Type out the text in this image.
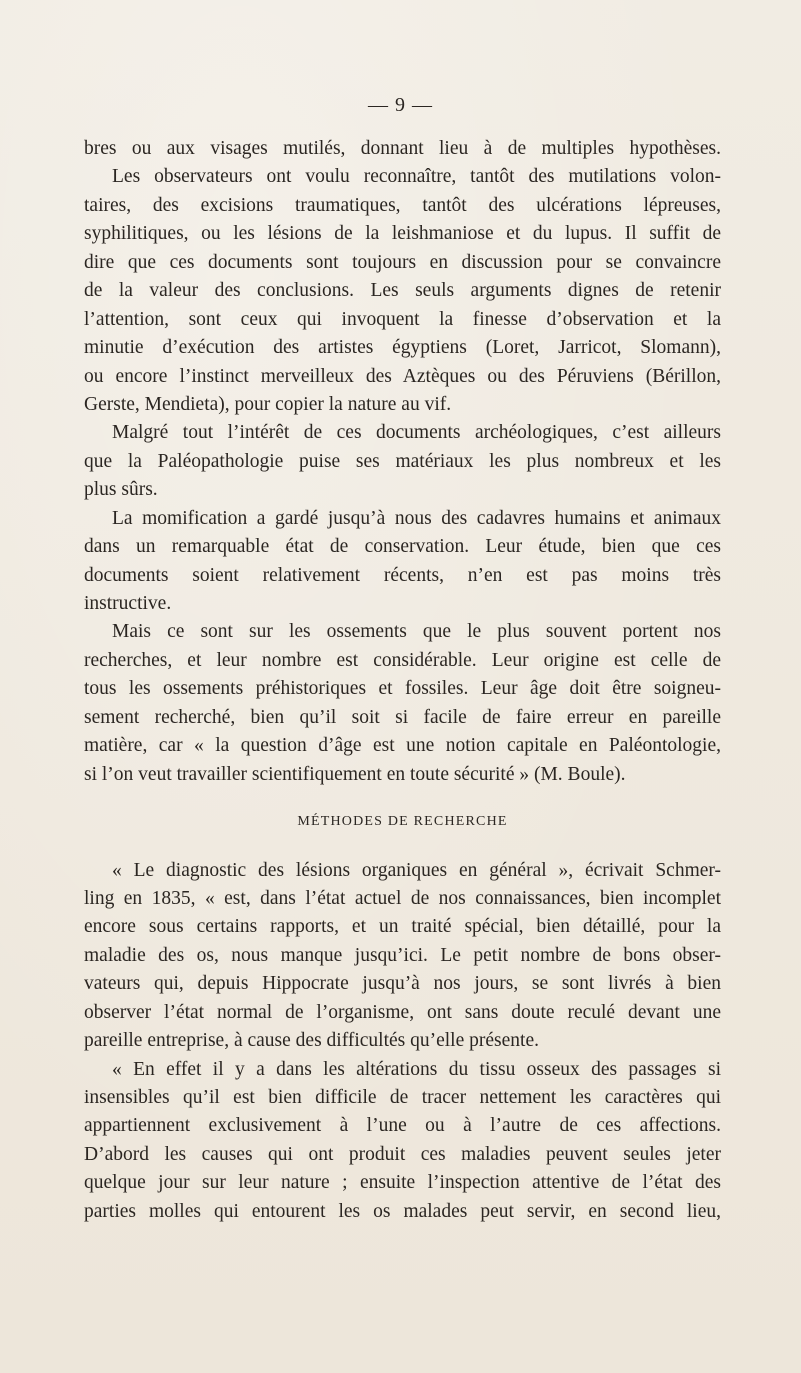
— 9 —
bres ou aux visages mutilés, donnant lieu à de multiples hypothèses.
Les observateurs ont voulu reconnaître, tantôt des mutilations volon-
taires, des excisions traumatiques, tantôt des ulcérations lépreuses,
syphilitiques, ou les lésions de la leishmaniose et du lupus. Il suffit de
dire que ces documents sont toujours en discussion pour se convaincre
de la valeur des conclusions. Les seuls arguments dignes de retenir
l’attention, sont ceux qui invoquent la finesse d’observation et la
minutie d’exécution des artistes égyptiens (Loret, Jarricot, Slomann),
ou encore l’instinct merveilleux des Aztèques ou des Péruviens (Bérillon,
Gerste, Mendieta), pour copier la nature au vif.
Malgré tout l’intérêt de ces documents archéologiques, c’est ailleurs
que la Paléopathologie puise ses matériaux les plus nombreux et les
plus sûrs.
La momification a gardé jusqu’à nous des cadavres humains et animaux
dans un remarquable état de conservation. Leur étude, bien que ces
documents soient relativement récents, n’en est pas moins très
instructive.
Mais ce sont sur les ossements que le plus souvent portent nos
recherches, et leur nombre est considérable. Leur origine est celle de
tous les ossements préhistoriques et fossiles. Leur âge doit être soigneu-
sement recherché, bien qu’il soit si facile de faire erreur en pareille
matière, car « la question d’âge est une notion capitale en Paléontologie,
si l’on veut travailler scientifiquement en toute sécurité » (M. Boule).
MÉTHODES DE RECHERCHE
« Le diagnostic des lésions organiques en général », écrivait Schmer-
ling en 1835, « est, dans l’état actuel de nos connaissances, bien incomplet
encore sous certains rapports, et un traité spécial, bien détaillé, pour la
maladie des os, nous manque jusqu’ici. Le petit nombre de bons obser-
vateurs qui, depuis Hippocrate jusqu’à nos jours, se sont livrés à bien
observer l’état normal de l’organisme, ont sans doute reculé devant une
pareille entreprise, à cause des difficultés qu’elle présente.
« En effet il y a dans les altérations du tissu osseux des passages si
insensibles qu’il est bien difficile de tracer nettement les caractères qui
appartiennent exclusivement à l’une ou à l’autre de ces affections.
D’abord les causes qui ont produit ces maladies peuvent seules jeter
quelque jour sur leur nature ; ensuite l’inspection attentive de l’état des
parties molles qui entourent les os malades peut servir, en second lieu,
